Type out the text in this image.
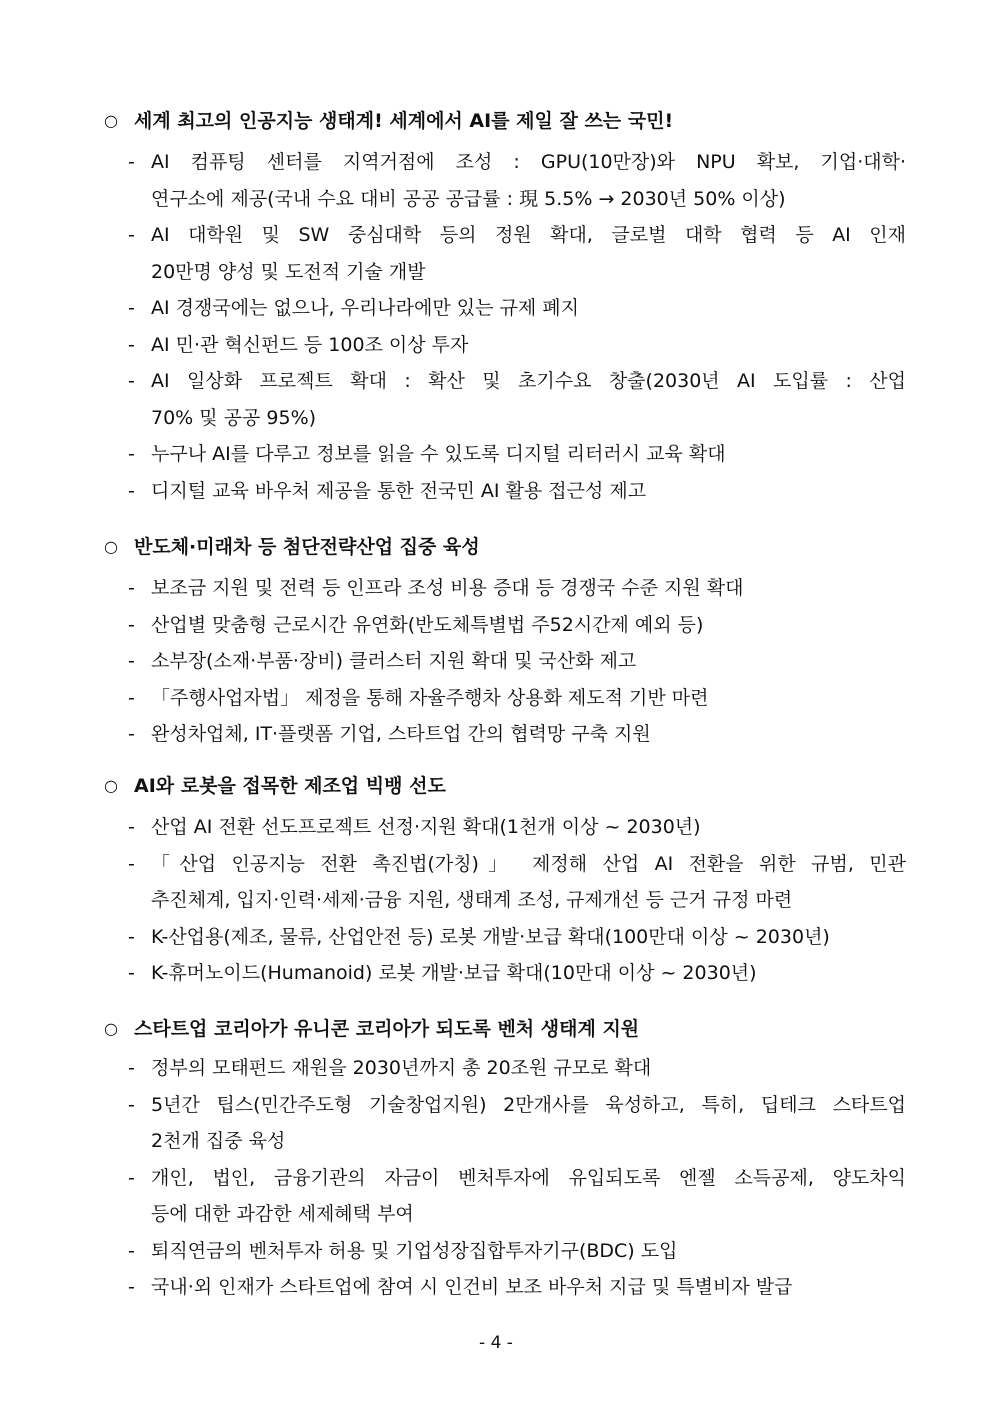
○ 세계 최고의 인공지능 생태계! 세계에서 AI를 제일 잘 쓰는 국민!
- AI 컴퓨팅 센터를 지역거점에 조성 : GPU(10만장)와 NPU 확보, 기업·대학·
연구소에 제공(국내 수요 대비 공공 공급률 : 現 5.5% → 2030년 50% 이상)
- AI 대학원 및 SW 중심대학 등의 정원 확대, 글로벌 대학 협력 등 AI 인재
20만명 양성 및 도전적 기술 개발
- AI 경쟁국에는 없으나, 우리나라에만 있는 규제 폐지
- AI 민·관 혁신펀드 등 100조 이상 투자
- AI 일상화 프로젝트 확대 : 확산 및 초기수요 창출(2030년 AI 도입률 : 산업
70% 및 공공 95%)
- 누구나 AI를 다루고 정보를 읽을 수 있도록 디지털 리터러시 교육 확대
- 디지털 교육 바우처 제공을 통한 전국민 AI 활용 접근성 제고
○ 반도체·미래차 등 첨단전략산업 집중 육성
- 보조금 지원 및 전력 등 인프라 조성 비용 증대 등 경쟁국 수준 지원 확대
- 산업별 맞춤형 근로시간 유연화(반도체특별법 주52시간제 예외 등)
- 소부장(소재·부품·장비) 클러스터 지원 확대 및 국산화 제고
- 「주행사업자법」 제정을 통해 자율주행차 상용화 제도적 기반 마련
- 완성차업체, IT·플랫폼 기업, 스타트업 간의 협력망 구축 지원
○ AI와 로봇을 접목한 제조업 빅뱅 선도
- 산업 AI 전환 선도프로젝트 선정·지원 확대(1천개 이상 ~ 2030년)
- 「산업 인공지능 전환 촉진법(가칭)」 제정해 산업 AI 전환을 위한 규범, 민관
추진체계, 입지·인력·세제·금융 지원, 생태계 조성, 규제개선 등 근거 규정 마련
- K-산업용(제조, 물류, 산업안전 등) 로봇 개발·보급 확대(100만대 이상 ~ 2030년)
- K-휴머노이드(Humanoid) 로봇 개발·보급 확대(10만대 이상 ~ 2030년)
○ 스타트업 코리아가 유니콘 코리아가 되도록 벤처 생태계 지원
- 정부의 모태펀드 재원을 2030년까지 총 20조원 규모로 확대
- 5년간 팁스(민간주도형 기술창업지원) 2만개사를 육성하고, 특히, 딥테크 스타트업
2천개 집중 육성
- 개인, 법인, 금융기관의 자금이 벤처투자에 유입되도록 엔젤 소득공제, 양도차익
등에 대한 과감한 세제혜택 부여
- 퇴직연금의 벤처투자 허용 및 기업성장집합투자기구(BDC) 도입
- 국내·외 인재가 스타트업에 참여 시 인건비 보조 바우처 지급 및 특별비자 발급
- 4 -
